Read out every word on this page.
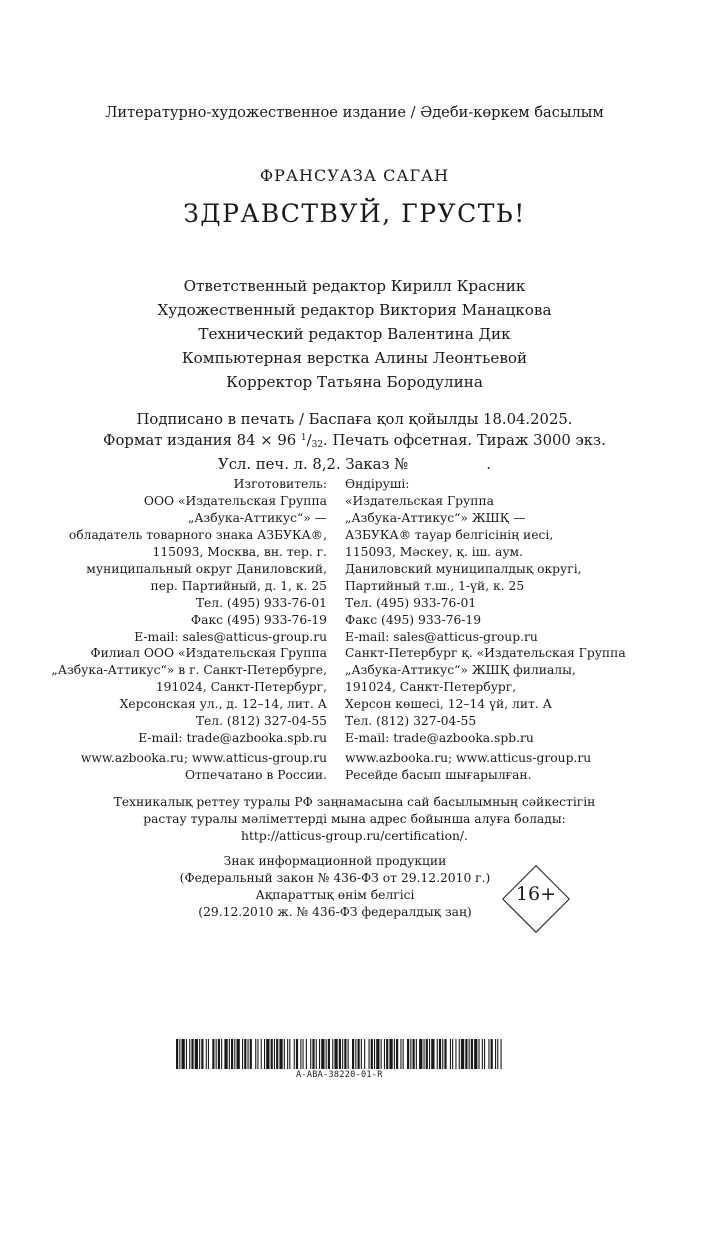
Литературно-художественное издание / Әдеби-көркем басылым
ФРАНСУАЗА САГАН
ЗДРАВСТВУЙ, ГРУСТЬ!
Ответственный редактор Кирилл Красник
Художественный редактор Виктория Манацкова
Технический редактор Валентина Дик
Компьютерная верстка Алины Леонтьевой
Корректор Татьяна Бородулина
Подписано в печать / Баспаға қол қойылды 18.04.2025.
Формат издания 84 × 96 $^1/_{32}$. Печать офсетная. Тираж 3000 экз.
Усл. печ. л. 8,2. Заказ №	.
Изготовитель:
ООО «Издательская Группа
„Азбука-Аттикус“» —
обладатель товарного знака АЗБУКА®,
115093, Москва, вн. тер. г.
муниципальный округ Даниловский,
пер. Партийный, д. 1, к. 25
Тел. (495) 933-76-01
Факс (495) 933-76-19
E-mail: sales@atticus-group.ru
Өндіруші:
«Издательская Группа
„Азбука-Аттикус“» ЖШҚ —
АЗБУКА® тауар белгісінің иесі,
115093, Мәскеу, қ. іш. аум.
Даниловский муниципалдық округі,
Партийный т.ш., 1-үй, к. 25
Тел. (495) 933-76-01
Факс (495) 933-76-19
E-mail: sales@atticus-group.ru
Филиал ООО «Издательская Группа
„Азбука-Аттикус“» в г. Санкт-Петербурге,
191024, Санкт-Петербург,
Херсонская ул., д. 12–14, лит. А
Тел. (812) 327-04-55
E-mail: trade@azbooka.spb.ru
Санкт-Петербург қ. «Издательская Группа
„Азбука-Аттикус“» ЖШҚ филиалы,
191024, Санкт-Петербург,
Херсон көшесі, 12–14 үй, лит. А
Тел. (812) 327-04-55
E-mail: trade@azbooka.spb.ru
www.azbooka.ru; www.atticus-group.ru
Отпечатано в России.
www.azbooka.ru; www.atticus-group.ru
Ресейде басып шығарылған.
Техникалық реттеу туралы РФ заңнамасына сай басылымның сәйкестігін
растау туралы мәліметтерді мына адрес бойынша алуға болады:
http://atticus-group.ru/certification/.
Знак информационной продукции
(Федеральный закон № 436-ФЗ от 29.12.2010 г.)
Ақпараттық өнім белгісі
(29.12.2010 ж. № 436-ФЗ федералдық заң)
16+
A-ABA-38220-01-R
